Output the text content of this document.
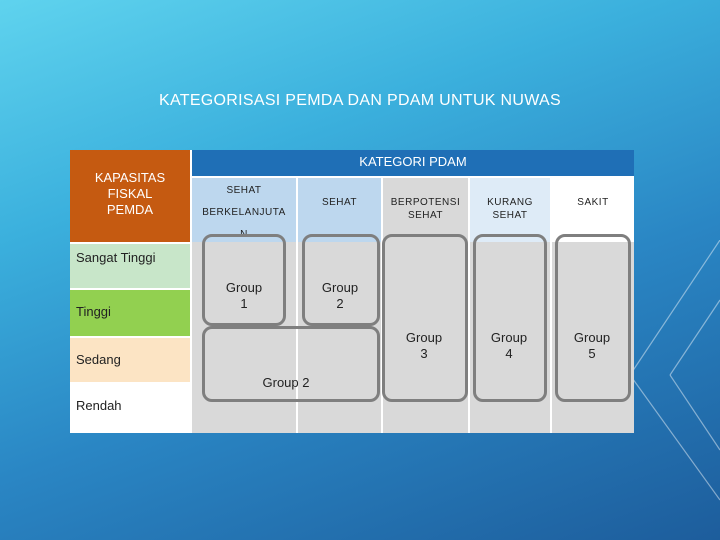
KATEGORISASI PEMDA DAN PDAM UNTUK NUWAS
KAPASITAS
FISKAL
PEMDA
KATEGORI PDAM
SEHAT
BERKELANJUTA
N
SEHAT	BERPOTENSI
SEHAT
KURANG
SEHAT
SAKIT
Sangat Tinggi
Tinggi
Sedang
Rendah
Group
1
Group
2
Group
3
Group
4
Group
5
Group 2
